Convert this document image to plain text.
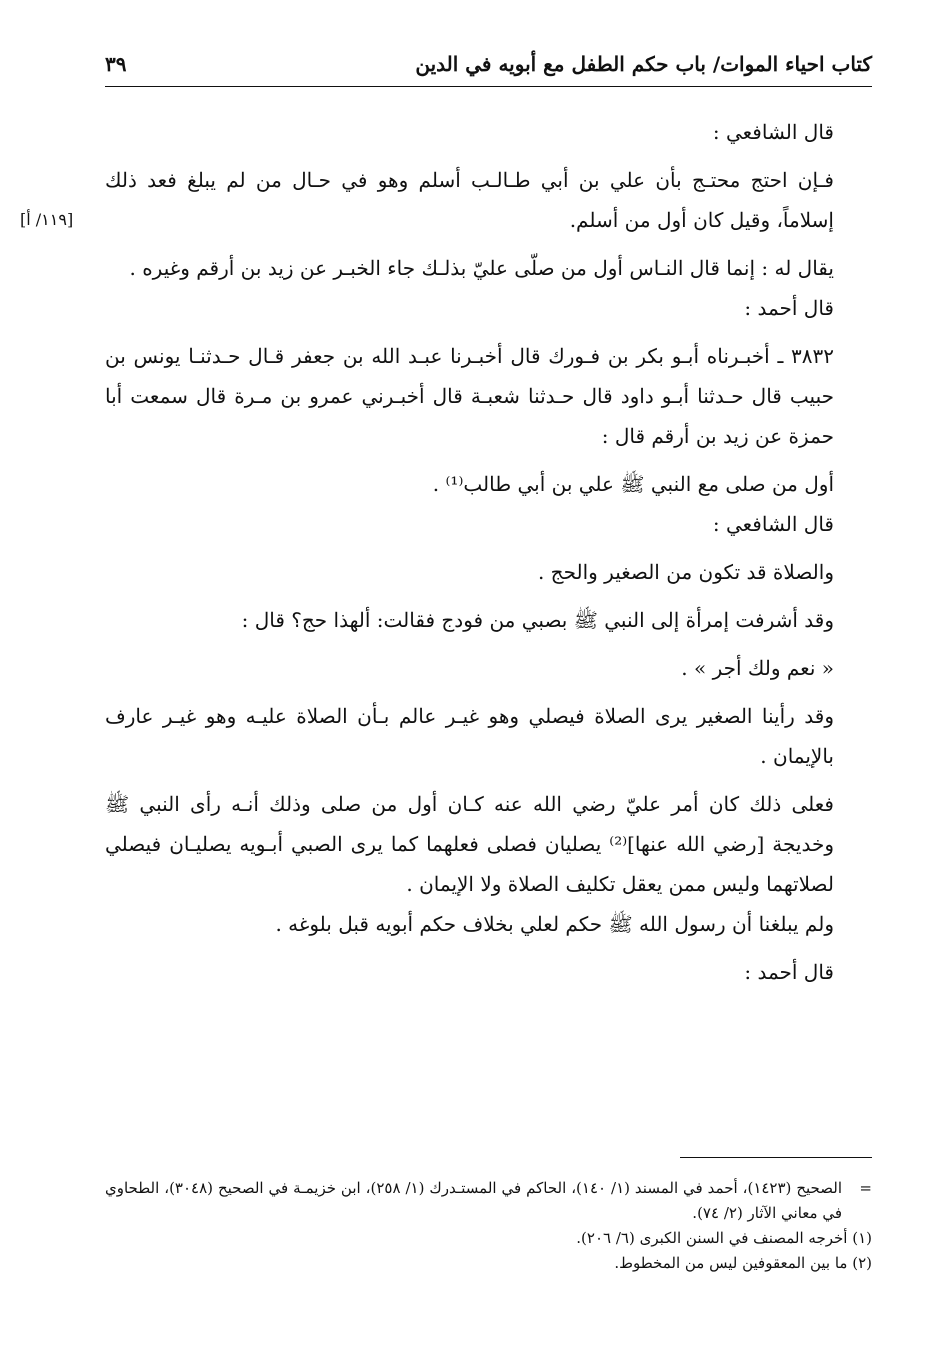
كتاب احياء الموات/ باب حكم الطفل مع أبويه في الدين
٣٩
[١١٩/ أ]

قال الشافعي :

فـإن احتج محتـج بأن علي بن أبي طـالـب أسلم وهو في حـال من لم يبلغ فعد ذلك إسلاماً، وقيل كان أول من أسلم.

يقال له : إنما قال النـاس أول من صلّى عليّ بذلـك جاء الخبـر عن زيد بن أرقم وغيره .

قال أحمد :

٣٨٣٢ ـ أخبـرناه أبـو بكر بن فـورك قال أخبـرنا عبـد الله بن جعفر قـال حـدثنـا يونس بن حبيب قال حـدثنا أبـو داود قال حـدثنا شعبـة قال أخبـرني عمرو بن مـرة قال سمعت أبا حمزة عن زيد بن أرقم قال :

أول من صلى مع النبي ﷺ علي بن أبي طالب⁽¹⁾ .

قال الشافعي :

والصلاة قد تكون من الصغير والحج .

وقد أشرفت إمرأة إلى النبي ﷺ بصبي من فودج فقالت: ألهذا حج؟ قال :

« نعم ولك أجر » .

وقد رأينا الصغير يرى الصلاة فيصلي وهو غيـر عالم بـأن الصلاة عليـه وهو غيـر عارف بالإيمان .

فعلى ذلك كان أمر عليّ رضي الله عنه كـان أول من صلى وذلك أنـه رأى النبي ﷺ وخديجة [رضي الله عنها]⁽²⁾ يصليان فصلى فعلهما كما يرى الصبي أبـويه يصليـان فيصلي لصلاتهما وليس ممن يعقل تكليف الصلاة ولا الإيمان .

ولم يبلغنا أن رسول الله ﷺ حكم لعلي بخلاف حكم أبويه قبل بلوغه .

قال أحمد :

=
الصحيح (١٤٢٣)، أحمد في المسند (١/ ١٤٠)، الحاكم في المستـدرك (١/ ٢٥٨)، ابن خزيمـة في الصحيح (٣٠٤٨)، الطحاوي في معاني الآثار (٢/ ٧٤).

(١) أخرجه المصنف في السنن الكبرى (٦/ ٢٠٦).

(٢) ما بين المعقوفين ليس من المخطوط.
